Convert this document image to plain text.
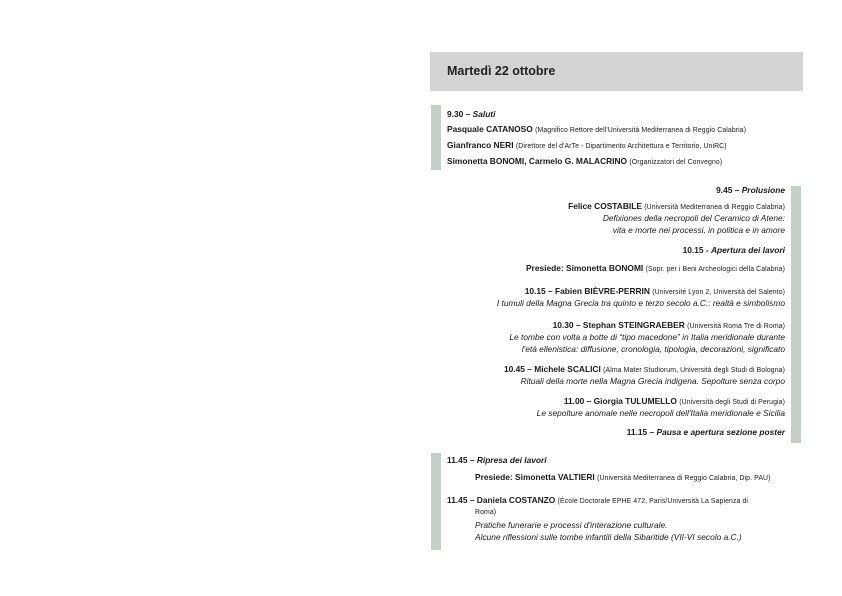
Martedì 22 ottobre
9.30 – Saluti
Pasquale CATANOSO (Magnifico Rettore dell'Università Mediterranea di Reggio Calabria)
Gianfranco NERI (Direttore del d'ArTe - Dipartimento Architettura e Territorio, UniRC)
Simonetta BONOMI, Carmelo G. MALACRINO (Organizzatori del Convegno)
9.45 – Prolusione
Felice COSTABILE (Università Mediterranea di Reggio Calabria)
Defixiones della necropoli del Ceramico di Atene:
vita e morte nei processi, in politica e in amore
10.15 - Apertura dei lavori
Presiede: Simonetta BONOMI (Sopr. per i Beni Archeologici della Calabria)
10.15 – Fabien BIÈVRE-PERRIN (Université Lyon 2, Università del Salento)
I tumuli della Magna Grecia tra quinto e terzo secolo a.C.: realtà e simbolismo
10.30 – Stephan STEINGRAEBER (Università Roma Tre di Roma)
Le tombe con volta a botte di “tipo macedone” in Italia meridionale durante
l'età ellenistica: diffusione, cronologia, tipologia, decorazioni, significato
10.45 – Michele SCALICI (Alma Mater Studiorum, Università degli Studi di Bologna)
Rituali della morte nella Magna Grecia indigena. Sepolture senza corpo
11.00 – Giorgia TULUMELLO (Università degli Studi di Perugia)
Le sepolture anomale nelle necropoli dell'Italia meridionale e Sicilia
11.15 – Pausa e apertura sezione poster
11.45 – Ripresa dei lavori
Presiede: Simonetta VALTIERI (Università Mediterranea di Reggio Calabria, Dip. PAU)
11.45 – Daniela COSTANZO (École Doctorale EPHE 472, Paris/Università La Sapienza di
Roma)
Pratiche funerarie e processi d'interazione culturale.
Alcune riflessioni sulle tombe infantili della Sibaritide (VII-VI secolo a.C.)
